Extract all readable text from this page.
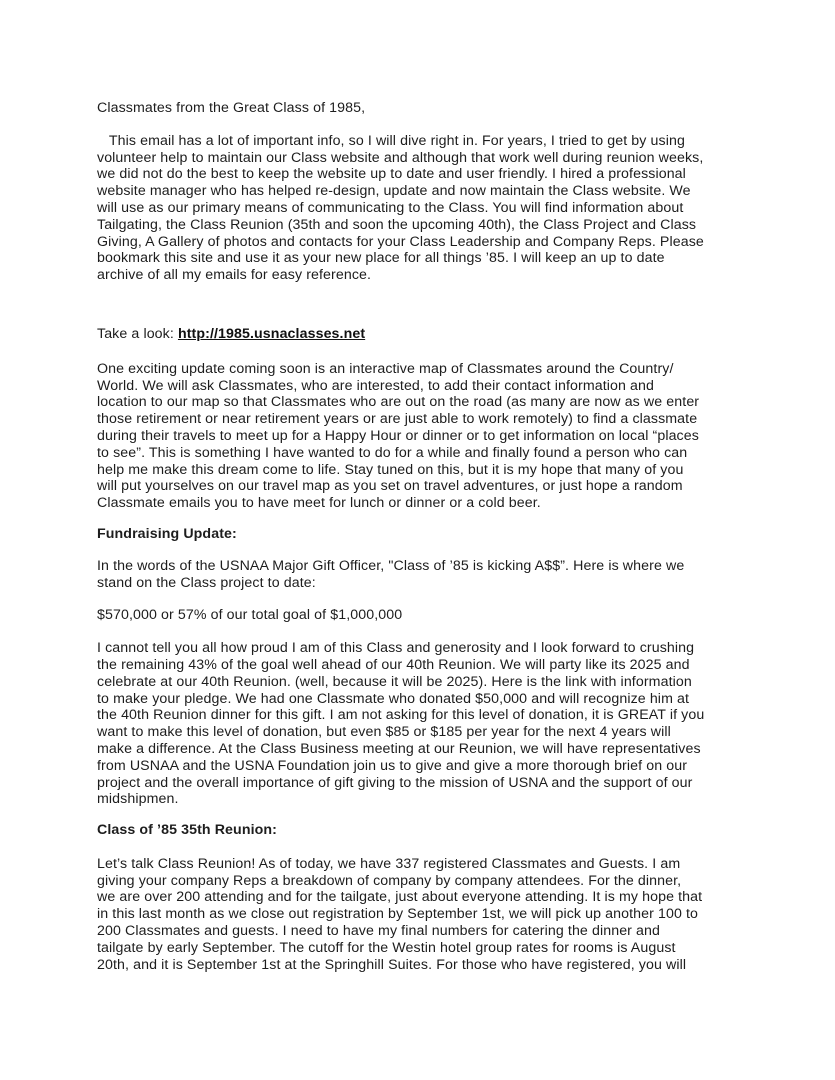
Classmates from the Great Class of 1985,
This email has a lot of important info, so I will dive right in. For years, I tried to get by using
volunteer help to maintain our Class website and although that work well during reunion weeks,
we did not do the best to keep the website up to date and user friendly. I hired a professional
website manager who has helped re-design, update and now maintain the Class website. We
will use as our primary means of communicating to the Class. You will find information about
Tailgating, the Class Reunion (35th and soon the upcoming 40th), the Class Project and Class
Giving, A Gallery of photos and contacts for your Class Leadership and Company Reps. Please
bookmark this site and use it as your new place for all things ’85. I will keep an up to date
archive of all my emails for easy reference.
Take a look: http://1985.usnaclasses.net
One exciting update coming soon is an interactive map of Classmates around the Country/
World. We will ask Classmates, who are interested, to add their contact information and
location to our map so that Classmates who are out on the road (as many are now as we enter
those retirement or near retirement years or are just able to work remotely) to find a classmate
during their travels to meet up for a Happy Hour or dinner or to get information on local “places
to see”. This is something I have wanted to do for a while and finally found a person who can
help me make this dream come to life. Stay tuned on this, but it is my hope that many of you
will put yourselves on our travel map as you set on travel adventures, or just hope a random
Classmate emails you to have meet for lunch or dinner or a cold beer.
Fundraising Update:
In the words of the USNAA Major Gift Officer, "Class of ’85 is kicking A$$”. Here is where we
stand on the Class project to date:
$570,000 or 57% of our total goal of $1,000,000
I cannot tell you all how proud I am of this Class and generosity and I look forward to crushing
the remaining 43% of the goal well ahead of our 40th Reunion. We will party like its 2025 and
celebrate at our 40th Reunion. (well, because it will be 2025). Here is the link with information
to make your pledge. We had one Classmate who donated $50,000 and will recognize him at
the 40th Reunion dinner for this gift. I am not asking for this level of donation, it is GREAT if you
want to make this level of donation, but even $85 or $185 per year for the next 4 years will
make a difference. At the Class Business meeting at our Reunion, we will have representatives
from USNAA and the USNA Foundation join us to give and give a more thorough brief on our
project and the overall importance of gift giving to the mission of USNA and the support of our
midshipmen.
Class of ’85 35th Reunion:
Let’s talk Class Reunion! As of today, we have 337 registered Classmates and Guests. I am
giving your company Reps a breakdown of company by company attendees. For the dinner,
we are over 200 attending and for the tailgate, just about everyone attending. It is my hope that
in this last month as we close out registration by September 1st, we will pick up another 100 to
200 Classmates and guests. I need to have my final numbers for catering the dinner and
tailgate by early September. The cutoff for the Westin hotel group rates for rooms is August
20th, and it is September 1st at the Springhill Suites. For those who have registered, you will
